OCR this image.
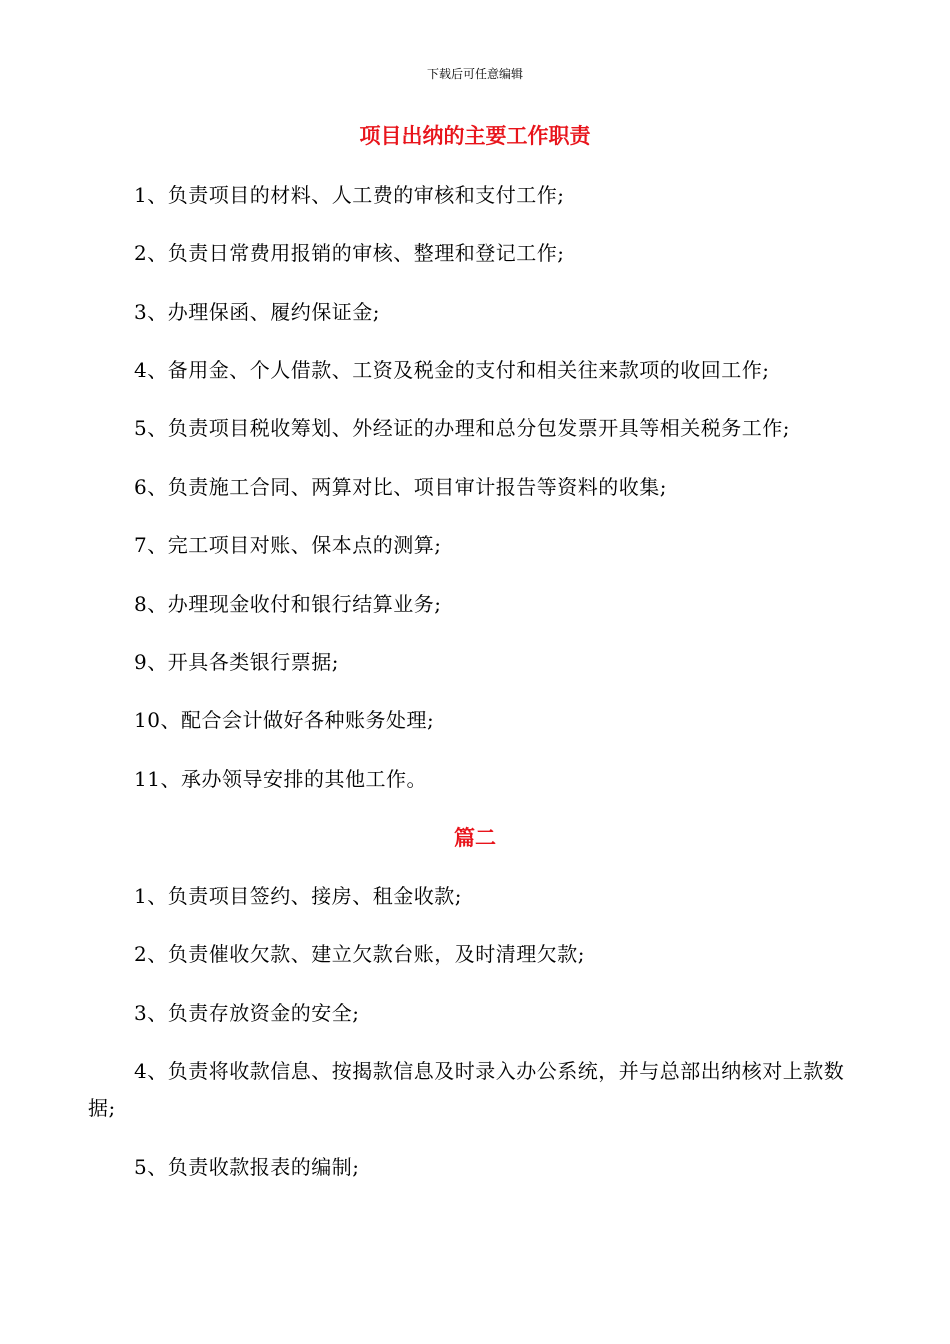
下载后可任意编辑
项目出纳的主要工作职责
1、负责项目的材料、人工费的审核和支付工作;
2、负责日常费用报销的审核、整理和登记工作;
3、办理保函、履约保证金;
4、备用金、个人借款、工资及税金的支付和相关往来款项的收回工作;
5、负责项目税收筹划、外经证的办理和总分包发票开具等相关税务工作;
6、负责施工合同、两算对比、项目审计报告等资料的收集;
7、完工项目对账、保本点的测算;
8、办理现金收付和银行结算业务;
9、开具各类银行票据;
10、配合会计做好各种账务处理;
11、承办领导安排的其他工作。
篇二
1、负责项目签约、接房、租金收款;
2、负责催收欠款、建立欠款台账，及时清理欠款;
3、负责存放资金的安全;
4、负责将收款信息、按揭款信息及时录入办公系统，并与总部出纳核对上款数据;
5、负责收款报表的编制;
